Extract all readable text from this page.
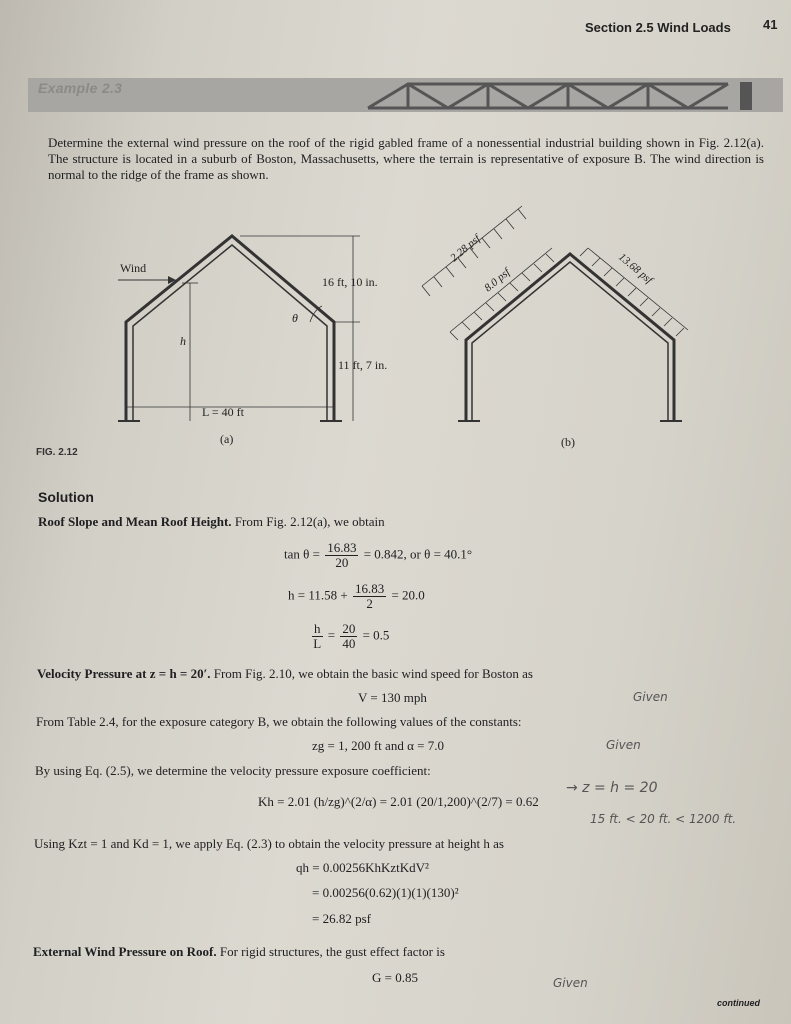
Section 2.5 Wind Loads 41
Example 2.3
Determine the external wind pressure on the roof of the rigid gabled frame of a nonessential industrial building shown in Fig. 2.12(a). The structure is located in a suburb of Boston, Massachusetts, where the terrain is representative of exposure B. The wind direction is normal to the ridge of the frame as shown.
Wind
16 ft, 10 in.
11 ft, 7 in.
h
θ
L = 40 ft
(a)
2.28 psf
8.0 psf	13.68 psf
(b)
FIG. 2.12
Solution
Roof Slope and Mean Roof Height. From Fig. 2.12(a), we obtain
$\tan \theta = \frac{16.83}{20} = 0.842$, or θ = 40.1°
$h = 11.58 + \frac{16.83}{2} = 20.0$
$\frac{h}{L} = \frac{20}{40} = 0.5$
Velocity Pressure at z = h = 20′. From Fig. 2.10, we obtain the basic wind speed for Boston as
V = 130 mph
From Table 2.4, for the exposure category B, we obtain the following values of the constants:
zg = 1, 200 ft and α = 7.0
By using Eq. (2.5), we determine the velocity pressure exposure coefficient:
Kh = 2.01 (h/zg)^(2/α) = 2.01 (20/1,200)^(2/7) = 0.62
Using Kzt = 1 and Kd = 1, we apply Eq. (2.3) to obtain the velocity pressure at height h as
qh = 0.00256KhKztKdV²
= 0.00256(0.62)(1)(1)(130)²
= 26.82 psf
External Wind Pressure on Roof. For rigid structures, the gust effect factor is
G = 0.85
Given
Given
→ z = h = 20
15 ft. < 20 ft. < 1200 ft.
Given
continued
